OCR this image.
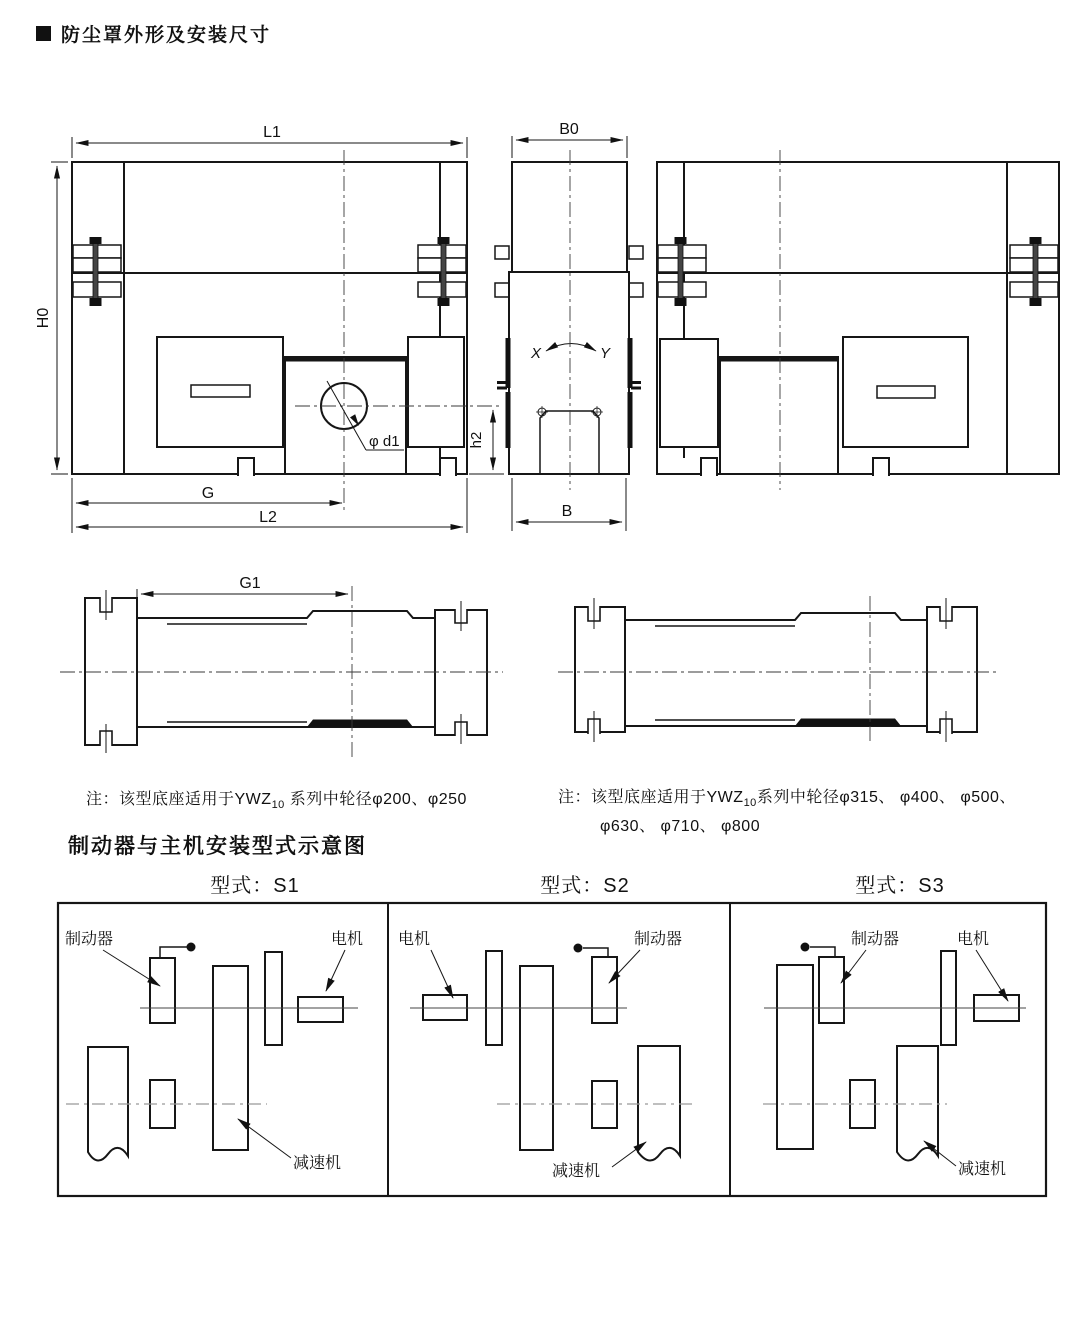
防尘罩外形及安装尺寸
L1
H0
G
L2
φ d1	h2
B0
B
X	Y
G1
制动器	电机
减速机
电机	制动器
减速机
制动器	电机
减速机
注：该型底座适用于$YWZ_{10}$ 系列中轮径φ200、φ250	注：该型底座适用于$YWZ_{10}$系列中轮径φ315、 φ400、 φ500、
φ630、 φ710、 φ800
制动器与主机安装型式示意图
型式：S1	型式：S2	型式：S3
